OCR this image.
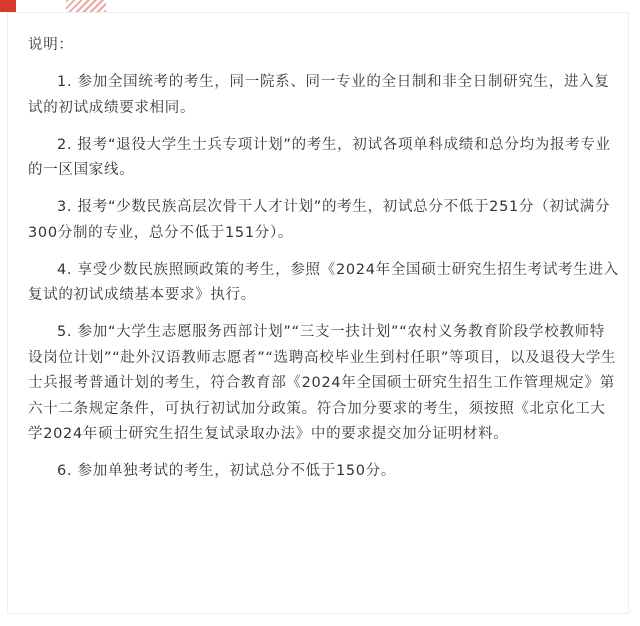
说明：

1. 参加全国统考的考生，同一院系、同一专业的全日制和非全日制研究生，进入复试的初试成绩要求相同。

2. 报考“退役大学生士兵专项计划”的考生，初试各项单科成绩和总分均为报考专业的一区国家线。

3. 报考“少数民族高层次骨干人才计划”的考生，初试总分不低于251分（初试满分300分制的专业，总分不低于151分）。

4. 享受少数民族照顾政策的考生，参照《2024年全国硕士研究生招生考试考生进入复试的初试成绩基本要求》执行。

5. 参加“大学生志愿服务西部计划”“三支一扶计划”“农村义务教育阶段学校教师特设岗位计划”“赴外汉语教师志愿者”“选聘高校毕业生到村任职”等项目，以及退役大学生士兵报考普通计划的考生，符合教育部《2024年全国硕士研究生招生工作管理规定》第六十二条规定条件，可执行初试加分政策。符合加分要求的考生，须按照《北京化工大学2024年硕士研究生招生复试录取办法》中的要求提交加分证明材料。

6. 参加单独考试的考生，初试总分不低于150分。
